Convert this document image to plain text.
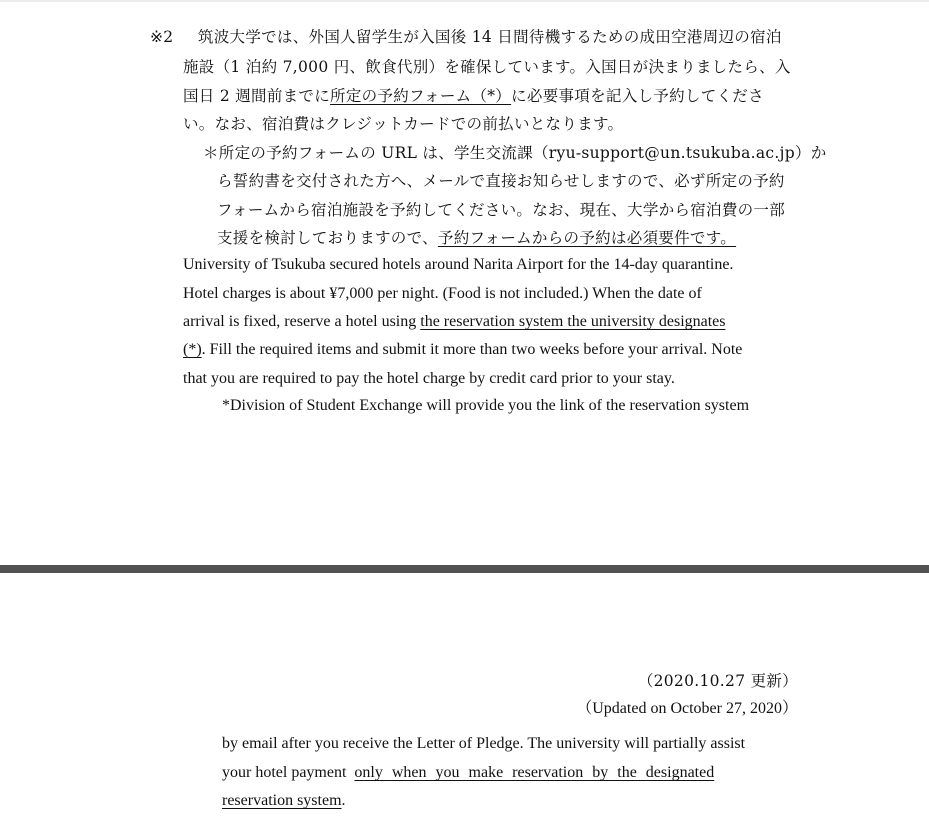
※2 筑波大学では、外国人留学生が入国後 14 日間待機するための成田空港周辺の宿泊
施設（1 泊約 7,000 円、飲食代別）を確保しています。入国日が決まりましたら、入
国日 2 週間前までに所定の予約フォーム（*）に必要事項を記入し予約してくださ
い。なお、宿泊費はクレジットカードでの前払いとなります。
＊所定の予約フォームの URL は、学生交流課（ryu-support@un.tsukuba.ac.jp）か
ら誓約書を交付された方へ、メールで直接お知らせしますので、必ず所定の予約
フォームから宿泊施設を予約してください。なお、現在、大学から宿泊費の一部
支援を検討しておりますので、予約フォームからの予約は必須要件です。
University of Tsukuba secured hotels around Narita Airport for the 14-day quarantine.
Hotel charges is about ¥7,000 per night. (Food is not included.) When the date of
arrival is fixed, reserve a hotel using the reservation system the university designates
(*). Fill the required items and submit it more than two weeks before your arrival. Note
that you are required to pay the hotel charge by credit card prior to your stay.
*Division of Student Exchange will provide you the link of the reservation system
（2020.10.27 更新）
（Updated on October 27, 2020）
by email after you receive the Letter of Pledge. The university will partially assist
your hotel payment only when you make reservation by the designated
reservation system.
